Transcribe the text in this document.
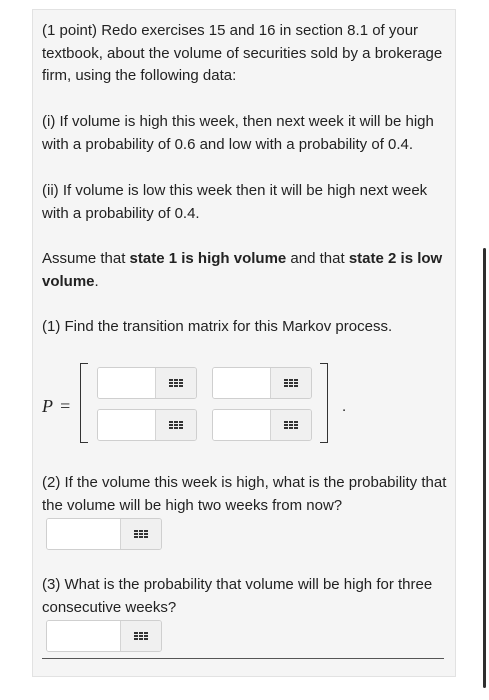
(1 point) Redo exercises 15 and 16 in section 8.1 of your textbook, about the volume of securities sold by a brokerage firm, using the following data:

(i) If volume is high this week, then next week it will be high with a probability of 0.6 and low with a probability of 0.4.

(ii) If volume is low this week then it will be high next week with a probability of 0.4.

Assume that state 1 is high volume and that state 2 is low volume.

(1) Find the transition matrix for this Markov process.

P =	.

(2) If the volume this week is high, what is the probability that the volume will be high two weeks from now?

(3) What is the probability that volume will be high for three consecutive weeks?
